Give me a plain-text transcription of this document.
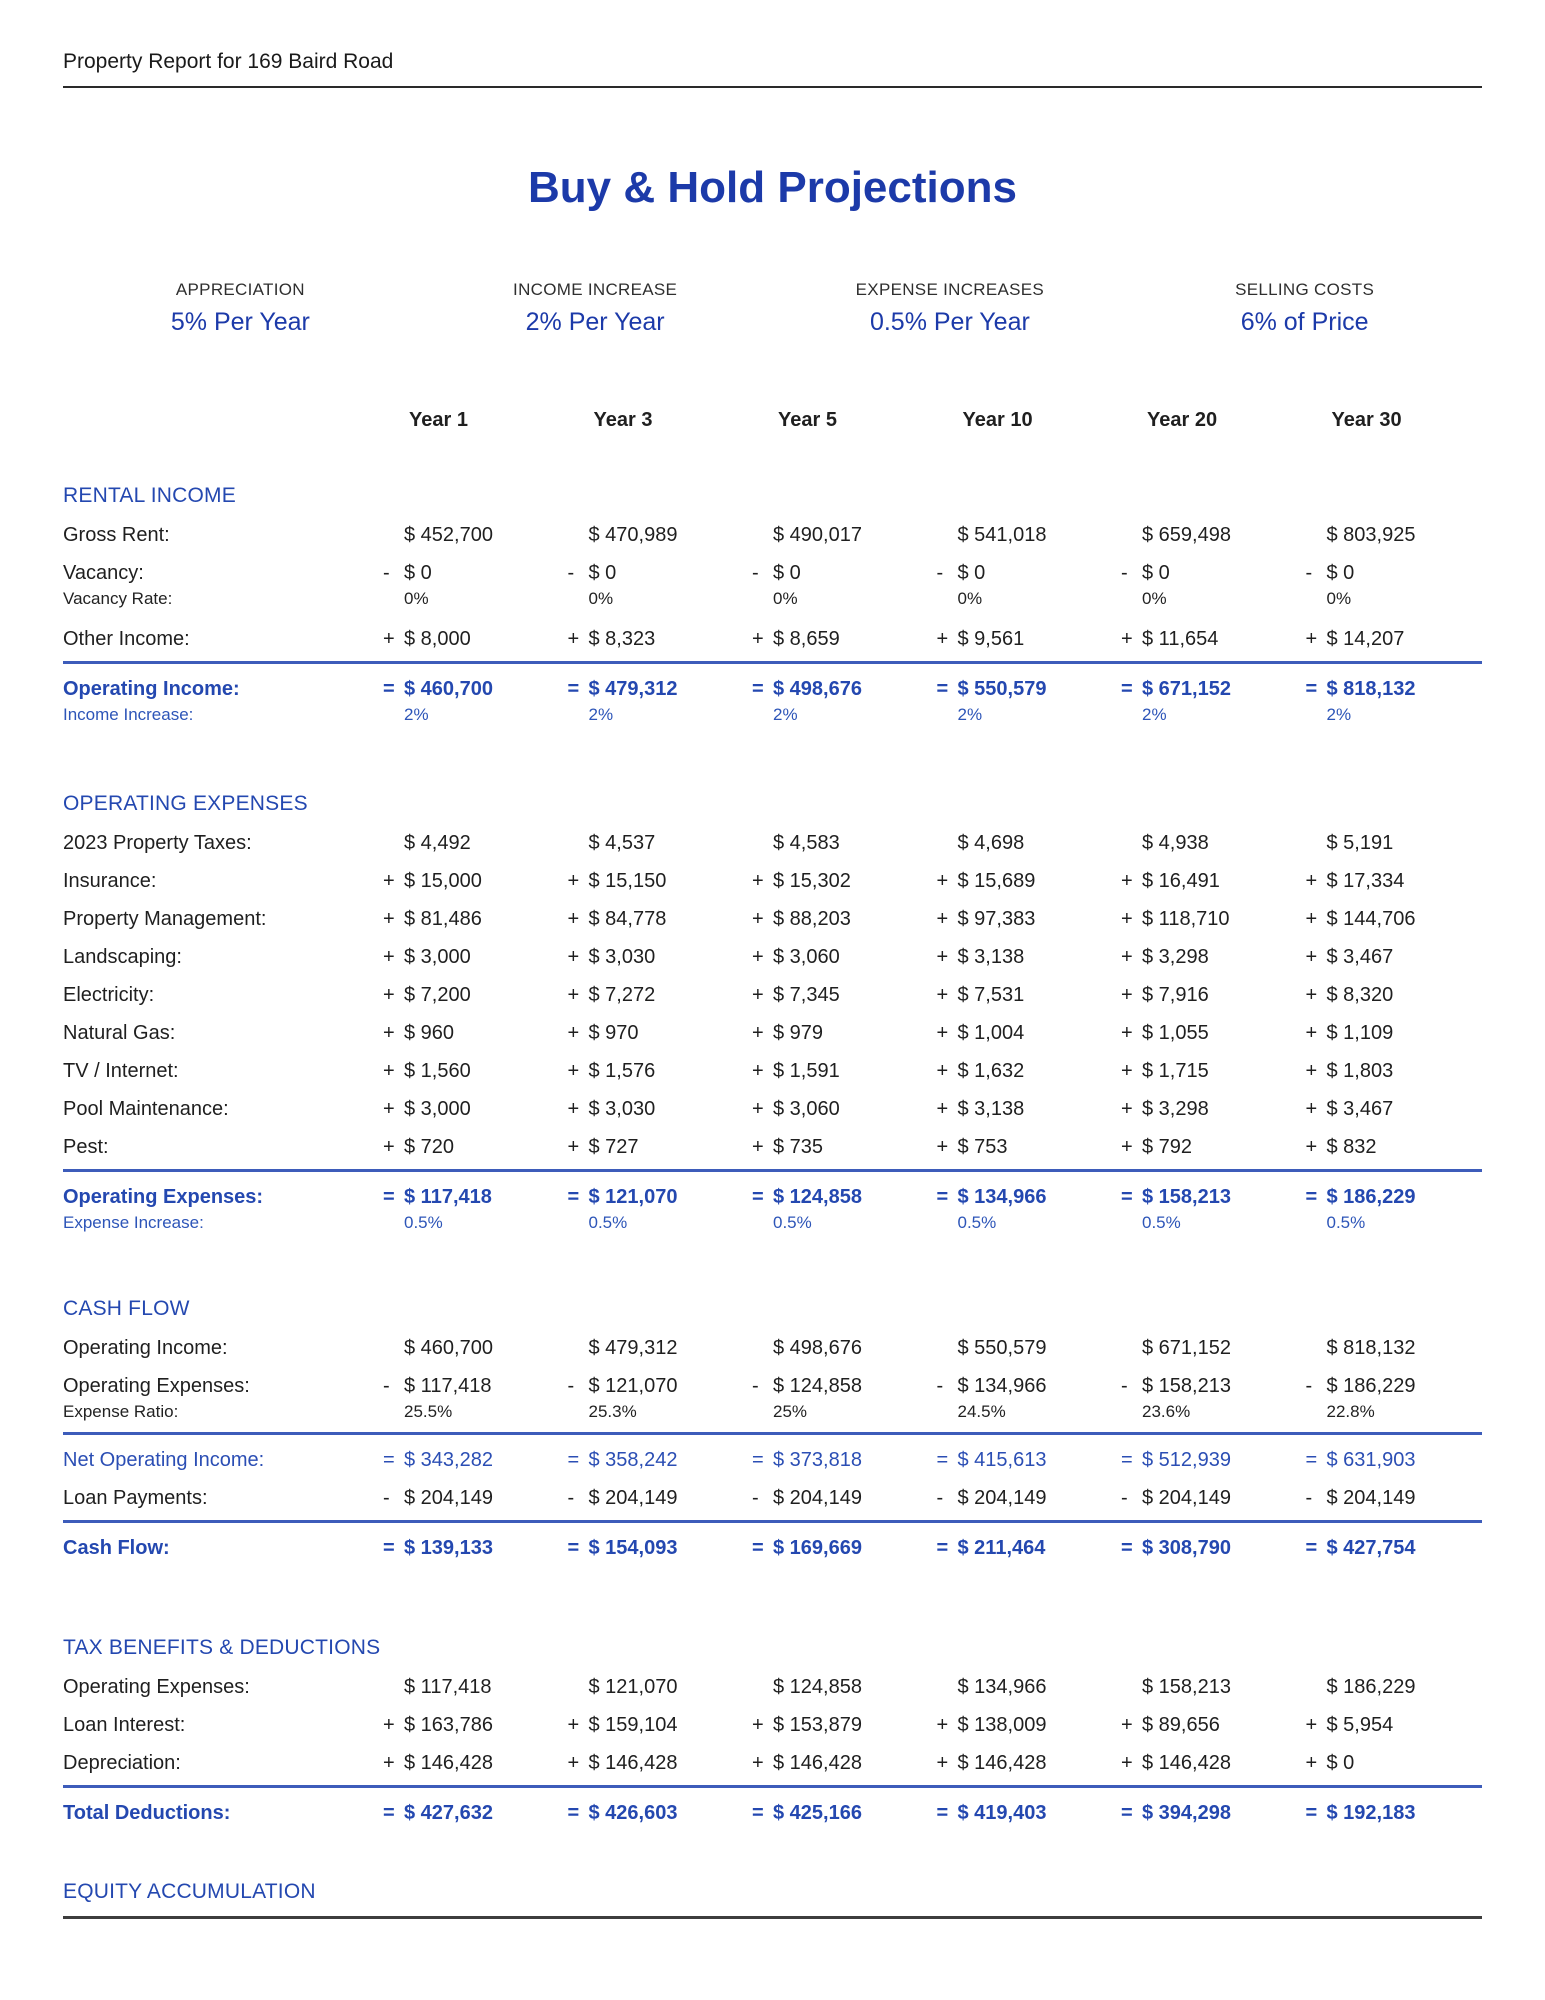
Property Report for 169 Baird Road
Buy & Hold Projections
APPRECIATION
5% Per Year
INCOME INCREASE
2% Per Year
EXPENSE INCREASES
0.5% Per Year
SELLING COSTS
6% of Price
Year 1	Year 3	Year 5	Year 10	Year 20	Year 30
RENTAL INCOME
Gross Rent:	$ 452,700	$ 470,989	$ 490,017	$ 541,018	$ 659,498	$ 803,925
Vacancy:	- $ 0	- $ 0	- $ 0	- $ 0	- $ 0	- $ 0
Vacancy Rate:	0%	0%	0%	0%	0%	0%
Other Income:	+ $ 8,000	+ $ 8,323	+ $ 8,659	+ $ 9,561	+ $ 11,654	+ $ 14,207
Operating Income:	= $ 460,700	= $ 479,312	= $ 498,676	= $ 550,579	= $ 671,152	= $ 818,132
Income Increase:	2%	2%	2%	2%	2%	2%
OPERATING EXPENSES
2023 Property Taxes:	$ 4,492	$ 4,537	$ 4,583	$ 4,698	$ 4,938	$ 5,191
Insurance:	+ $ 15,000	+ $ 15,150	+ $ 15,302	+ $ 15,689	+ $ 16,491	+ $ 17,334
Property Management:	+ $ 81,486	+ $ 84,778	+ $ 88,203	+ $ 97,383	+ $ 118,710	+ $ 144,706
Landscaping:	+ $ 3,000	+ $ 3,030	+ $ 3,060	+ $ 3,138	+ $ 3,298	+ $ 3,467
Electricity:	+ $ 7,200	+ $ 7,272	+ $ 7,345	+ $ 7,531	+ $ 7,916	+ $ 8,320
Natural Gas:	+ $ 960	+ $ 970	+ $ 979	+ $ 1,004	+ $ 1,055	+ $ 1,109
TV / Internet:	+ $ 1,560	+ $ 1,576	+ $ 1,591	+ $ 1,632	+ $ 1,715	+ $ 1,803
Pool Maintenance:	+ $ 3,000	+ $ 3,030	+ $ 3,060	+ $ 3,138	+ $ 3,298	+ $ 3,467
Pest:	+ $ 720	+ $ 727	+ $ 735	+ $ 753	+ $ 792	+ $ 832
Operating Expenses:	= $ 117,418	= $ 121,070	= $ 124,858	= $ 134,966	= $ 158,213	= $ 186,229
Expense Increase:	0.5%	0.5%	0.5%	0.5%	0.5%	0.5%
CASH FLOW
Operating Income:	$ 460,700	$ 479,312	$ 498,676	$ 550,579	$ 671,152	$ 818,132
Operating Expenses:	- $ 117,418	- $ 121,070	- $ 124,858	- $ 134,966	- $ 158,213	- $ 186,229
Expense Ratio:	25.5%	25.3%	25%	24.5%	23.6%	22.8%
Net Operating Income:	= $ 343,282	= $ 358,242	= $ 373,818	= $ 415,613	= $ 512,939	= $ 631,903
Loan Payments:	- $ 204,149	- $ 204,149	- $ 204,149	- $ 204,149	- $ 204,149	- $ 204,149
Cash Flow:	= $ 139,133	= $ 154,093	= $ 169,669	= $ 211,464	= $ 308,790	= $ 427,754
TAX BENEFITS & DEDUCTIONS
Operating Expenses:	$ 117,418	$ 121,070	$ 124,858	$ 134,966	$ 158,213	$ 186,229
Loan Interest:	+ $ 163,786	+ $ 159,104	+ $ 153,879	+ $ 138,009	+ $ 89,656	+ $ 5,954
Depreciation:	+ $ 146,428	+ $ 146,428	+ $ 146,428	+ $ 146,428	+ $ 146,428	+ $ 0
Total Deductions:	= $ 427,632	= $ 426,603	= $ 425,166	= $ 419,403	= $ 394,298	= $ 192,183
EQUITY ACCUMULATION
